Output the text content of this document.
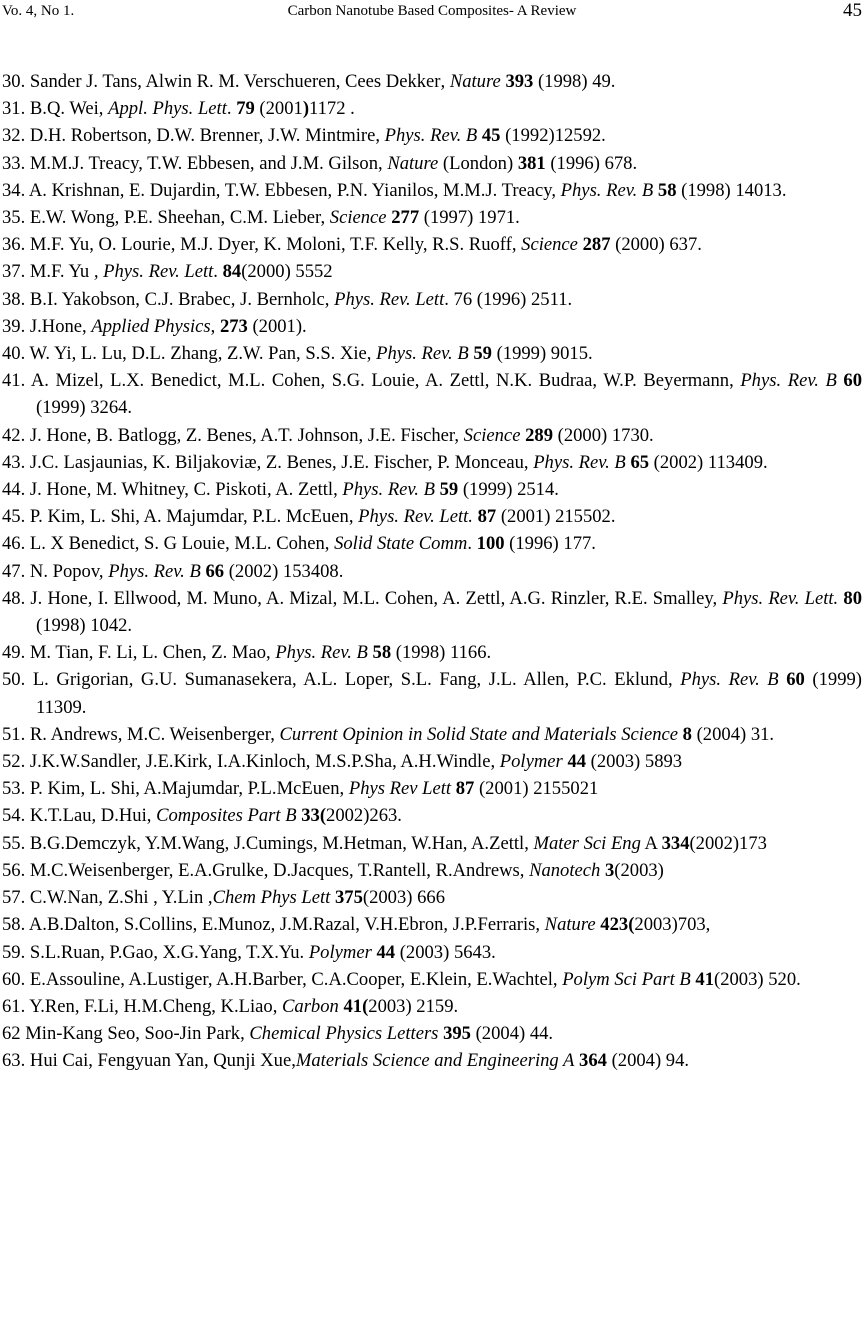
Vo. 4, No 1.	Carbon Nanotube Based Composites- A Review	45

30. Sander J. Tans, Alwin R. M. Verschueren, Cees Dekker, Nature 393 (1998) 49.

31. B.Q. Wei, Appl. Phys. Lett. 79 (2001)1172 .

32. D.H. Robertson, D.W. Brenner, J.W. Mintmire, Phys. Rev. B 45 (1992)12592.

33. M.M.J. Treacy, T.W. Ebbesen, and J.M. Gilson, Nature (London) 381 (1996) 678.

34. A. Krishnan, E. Dujardin, T.W. Ebbesen, P.N. Yianilos, M.M.J. Treacy, Phys. Rev. B 58 (1998) 14013.

35. E.W. Wong, P.E. Sheehan, C.M. Lieber, Science 277 (1997) 1971.

36. M.F. Yu, O. Lourie, M.J. Dyer, K. Moloni, T.F. Kelly, R.S. Ruoff, Science 287 (2000) 637.

37. M.F. Yu , Phys. Rev. Lett. 84(2000) 5552

38. B.I. Yakobson, C.J. Brabec, J. Bernholc, Phys. Rev. Lett. 76 (1996) 2511.

39. J.Hone, Applied Physics, 273 (2001).

40. W. Yi, L. Lu, D.L. Zhang, Z.W. Pan, S.S. Xie, Phys. Rev. B 59 (1999) 9015.

41. A. Mizel, L.X. Benedict, M.L. Cohen, S.G. Louie, A. Zettl, N.K. Budraa, W.P. Beyermann, Phys. Rev. B 60 (1999) 3264.

42. J. Hone, B. Batlogg, Z. Benes, A.T. Johnson, J.E. Fischer, Science 289 (2000) 1730.

43. J.C. Lasjaunias, K. Biljakoviæ, Z. Benes, J.E. Fischer, P. Monceau, Phys. Rev. B 65 (2002) 113409.

44. J. Hone, M. Whitney, C. Piskoti, A. Zettl, Phys. Rev. B 59 (1999) 2514.

45. P. Kim, L. Shi, A. Majumdar, P.L. McEuen, Phys. Rev. Lett. 87 (2001) 215502.

46. L. X Benedict, S. G Louie, M.L. Cohen, Solid State Comm. 100 (1996) 177.

47. N. Popov, Phys. Rev. B 66 (2002) 153408.

48. J. Hone, I. Ellwood, M. Muno, A. Mizal, M.L. Cohen, A. Zettl, A.G. Rinzler, R.E. Smalley, Phys. Rev. Lett. 80 (1998) 1042.

49. M. Tian, F. Li, L. Chen, Z. Mao, Phys. Rev. B 58 (1998) 1166.

50. L. Grigorian, G.U. Sumanasekera, A.L. Loper, S.L. Fang, J.L. Allen, P.C. Eklund, Phys. Rev. B 60 (1999) 11309.

51. R. Andrews, M.C. Weisenberger, Current Opinion in Solid State and Materials Science 8 (2004) 31.

52. J.K.W.Sandler, J.E.Kirk, I.A.Kinloch, M.S.P.Sha, A.H.Windle, Polymer 44 (2003) 5893

53. P. Kim, L. Shi, A.Majumdar, P.L.McEuen, Phys Rev Lett 87 (2001) 2155021

54. K.T.Lau, D.Hui, Composites Part B 33(2002)263.

55. B.G.Demczyk, Y.M.Wang, J.Cumings, M.Hetman, W.Han, A.Zettl, Mater Sci Eng A 334(2002)173

56. M.C.Weisenberger, E.A.Grulke, D.Jacques, T.Rantell, R.Andrews, Nanotech 3(2003)

57. C.W.Nan, Z.Shi , Y.Lin ,Chem Phys Lett 375(2003) 666

58. A.B.Dalton, S.Collins, E.Munoz, J.M.Razal, V.H.Ebron, J.P.Ferraris, Nature 423(2003)703,

59. S.L.Ruan, P.Gao, X.G.Yang, T.X.Yu. Polymer 44 (2003) 5643.

60. E.Assouline, A.Lustiger, A.H.Barber, C.A.Cooper, E.Klein, E.Wachtel, Polym Sci Part B 41(2003) 520.

61. Y.Ren, F.Li, H.M.Cheng, K.Liao, Carbon 41(2003) 2159.

62 Min-Kang Seo, Soo-Jin Park, Chemical Physics Letters 395 (2004) 44.

63. Hui Cai, Fengyuan Yan, Qunji Xue,Materials Science and Engineering A 364 (2004) 94.
